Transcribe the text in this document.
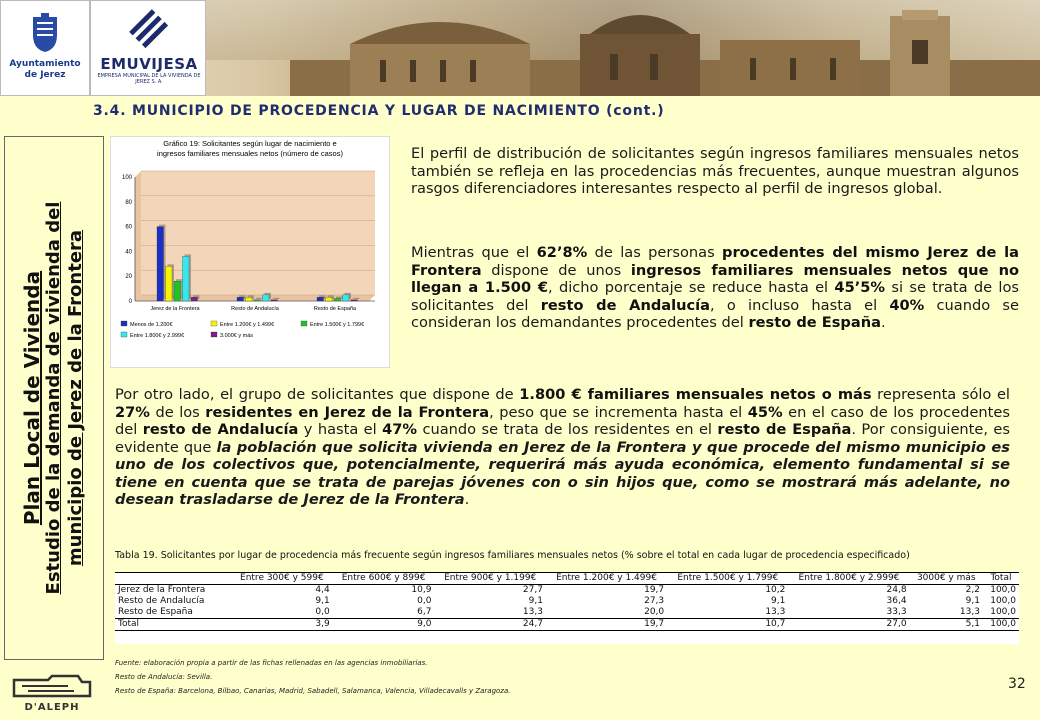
Ayuntamiento
de Jerez
EMUVIJESA
EMPRESA MUNICIPAL DE LA VIVIENDA DE JEREZ S. A.
3.4. MUNICIPIO DE PROCEDENCIA Y LUGAR DE NACIMIENTO (cont.)
Plan Local de Vivienda Estudio de la demanda de vivienda del municipio de Jerez de la Frontera
Gráfico 19: Solicitantes según lugar de nacimiento e
ingresos familiares mensuales netos (número de casos)
0
20
40
60
80
100
Jerez de la Frontera	Resto de Andalucía	Resto de España
Menos de 1.200€	Entre 1.200€ y 1.499€	Entre 1.500€ y 1.799€
Entre 1.800€ y 2.999€	3.000€ y más
El perfil de distribución de solicitantes según ingresos familiares mensuales netos también se refleja en las procedencias más frecuentes, aunque muestran algunos rasgos diferenciadores interesantes respecto al perfil de ingresos global.
Mientras que el 62’8% de las personas procedentes del mismo Jerez de la Frontera dispone de unos ingresos familiares mensuales netos que no llegan a 1.500 €, dicho porcentaje se reduce hasta el 45’5% si se trata de los solicitantes del resto de Andalucía, o incluso hasta el 40% cuando se consideran los demandantes procedentes del resto de España.
Por otro lado, el grupo de solicitantes que dispone de 1.800 € familiares mensuales netos o más representa sólo el 27% de los residentes en Jerez de la Frontera, peso que se incrementa hasta el 45% en el caso de los procedentes del resto de Andalucía y hasta el 47% cuando se trata de los residentes en el resto de España. Por consiguiente, es evidente que la población que solicita vivienda en Jerez de la Frontera y que procede del mismo municipio es uno de los colectivos que, potencialmente, requerirá más ayuda económica, elemento fundamental si se tiene en cuenta que se trata de parejas jóvenes con o sin hijos que, como se mostrará más adelante, no desean trasladarse de Jerez de la Frontera.
Tabla 19. Solicitantes por lugar de procedencia más frecuente según ingresos familiares mensuales netos (% sobre el total en cada lugar de procedencia especificado)
	Entre 300€ y 599€	Entre 600€ y 899€	Entre 900€ y 1.199€	Entre 1.200€ y 1.499€	Entre 1.500€ y 1.799€	Entre 1.800€ y 2.999€	3000€ y más	Total
Jerez de la Frontera	4,4	10,9	27,7	19,7	10,2	24,8	2,2	100,0
Resto de Andalucía	9,1	0,0	9,1	27,3	9,1	36,4	9,1	100,0
Resto de España	0,0	6,7	13,3	20,0	13,3	33,3	13,3	100,0
Total	3,9	9,0	24,7	19,7	10,7	27,0	5,1	100,0
Fuente: elaboración propia a partir de las fichas rellenadas en las agencias inmobiliarias.
Resto de Andalucía: Sevilla.
Resto de España: Barcelona, Bilbao, Canarias, Madrid, Sabadell, Salamanca, Valencia, Villadecavalls y Zaragoza.
D'ALEPH
32
